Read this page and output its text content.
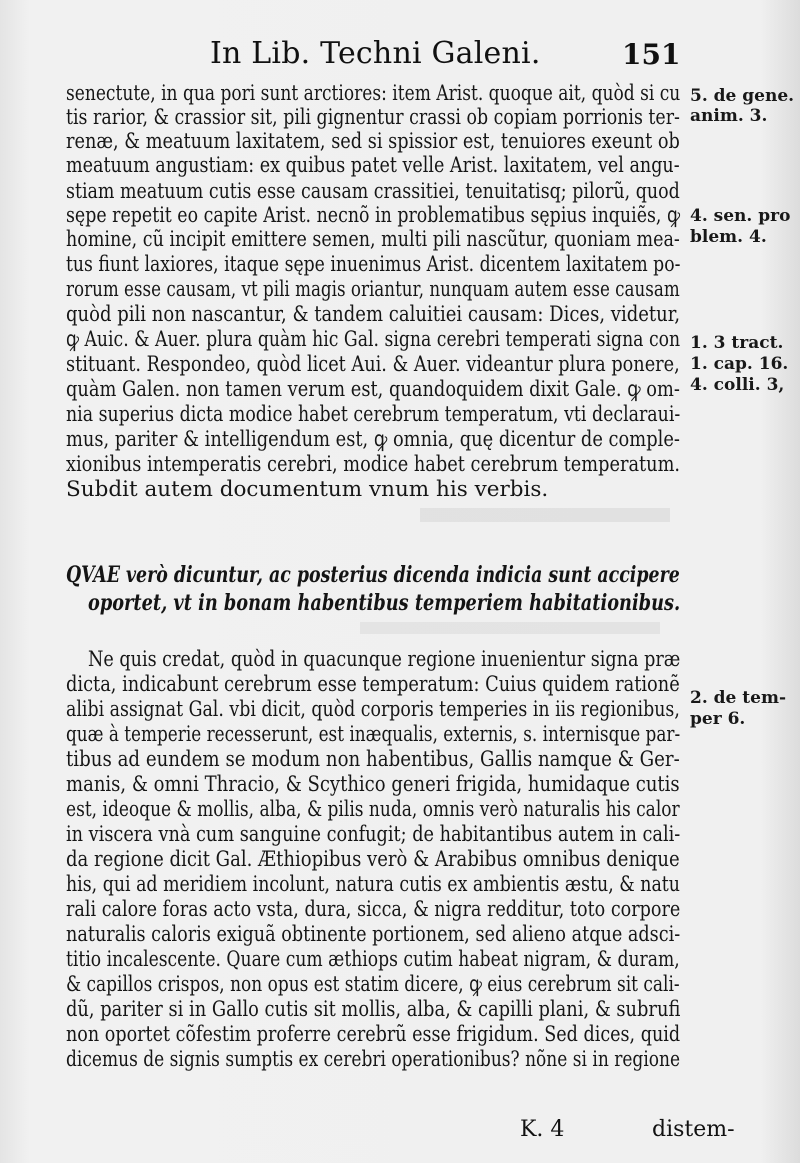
In Lib. Techni Galeni.	151
senectute, in qua pori sunt arctiores: item Arist. quoque ait, quòd si cu
tis rarior, & crassior sit, pili gignentur crassi ob copiam porrionis ter-
renæ, & meatuum laxitatem, sed si spissior est, tenuiores exeunt ob
meatuum angustiam: ex quibus patet velle Arist. laxitatem, vel angu-
stiam meatuum cutis esse causam crassitiei, tenuitatisq; pilorũ, quod
sępe repetit eo capite Arist. necnõ in problematibus sępius inquiẽs, ꝙ
homine, cũ incipit emittere semen, multi pili nascũtur, quoniam mea-
tus fiunt laxiores, itaque sępe inuenimus Arist. dicentem laxitatem po-
rorum esse causam, vt pili magis oriantur, nunquam autem esse causam
quòd pili non nascantur, & tandem caluitiei causam: Dices, videtur,
ꝙ Auic. & Auer. plura quàm hic Gal. signa cerebri temperati signa con
stituant. Respondeo, quòd licet Aui. & Auer. videantur plura ponere,
quàm Galen. non tamen verum est, quandoquidem dixit Gale. ꝙ om-
nia superius dicta modice habet cerebrum temperatum, vti declaraui-
mus, pariter & intelligendum est, ꝙ omnia, quę dicentur de comple-
xionibus intemperatis cerebri, modice habet cerebrum temperatum.
Subdit autem documentum vnum his verbis.
QVAE verò dicuntur, ac posterius dicenda indicia sunt accipere
oportet, vt in bonam habentibus temperiem habitationibus.
Ne quis credat, quòd in quacunque regione inuenientur signa præ
dicta, indicabunt cerebrum esse temperatum: Cuius quidem rationẽ
alibi assignat Gal. vbi dicit, quòd corporis temperies in iis regionibus,
quæ à temperie recesserunt, est inæqualis, externis, s. internisque par-
tibus ad eundem se modum non habentibus, Gallis namque & Ger-
manis, & omni Thracio, & Scythico generi frigida, humidaque cutis
est, ideoque & mollis, alba, & pilis nuda, omnis verò naturalis his calor
in viscera vnà cum sanguine confugit; de habitantibus autem in cali-
da regione dicit Gal. Æthiopibus verò & Arabibus omnibus denique
his, qui ad meridiem incolunt, natura cutis ex ambientis æstu, & natu
rali calore foras acto vsta, dura, sicca, & nigra redditur, toto corpore
naturalis caloris exiguã obtinente portionem, sed alieno atque adsci-
titio incalescente. Quare cum æthiops cutim habeat nigram, & duram,
& capillos crispos, non opus est statim dicere, ꝙ eius cerebrum sit cali-
dũ, pariter si in Gallo cutis sit mollis, alba, & capilli plani, & subrufi
non oportet cõfestim proferre cerebrũ esse frigidum. Sed dices, quid
dicemus de signis sumptis ex cerebri operationibus? nõne si in regione
5. de gene.
anim. 3.
4. sen. pro
blem. 4.
1. 3 tract.
1. cap. 16.
4. colli. 3,
2. de tem-
per 6.
K. 4	distem-
